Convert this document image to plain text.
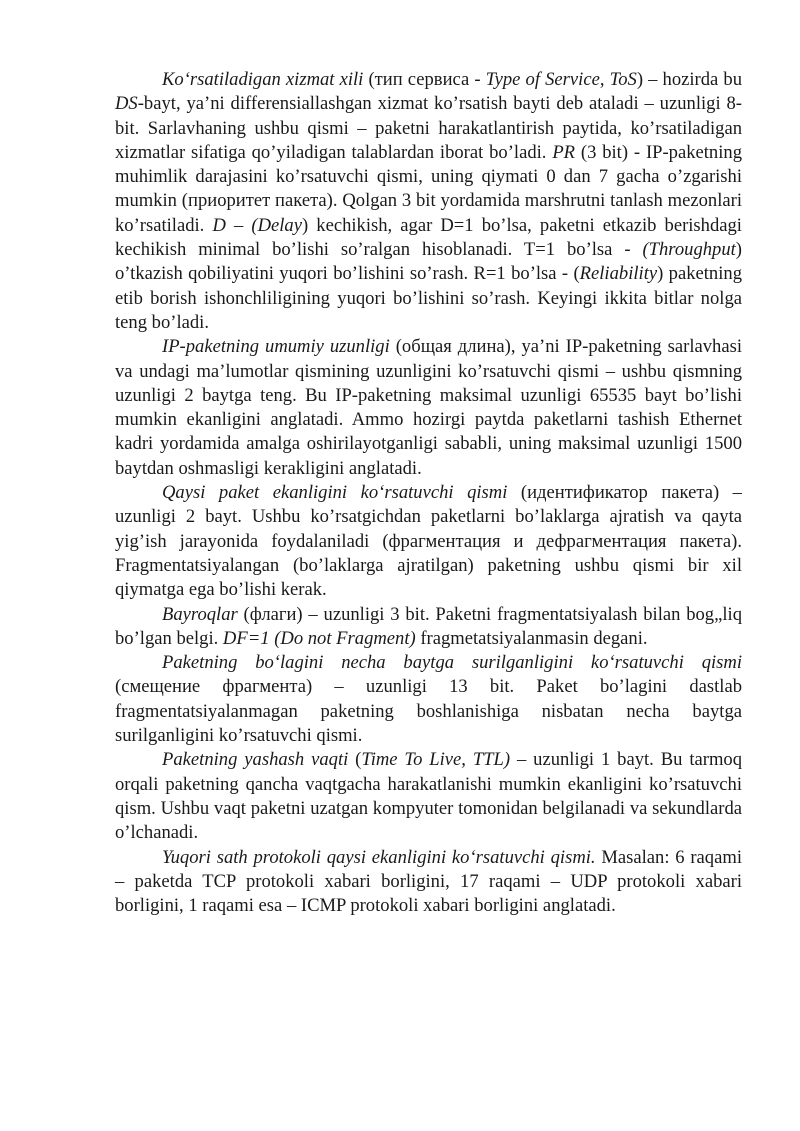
Ko‘rsatiladigan xizmat xili (тип сервиса - Type of Service, ToS) – hozirda bu DS-bayt, ya’ni differensiallashgan xizmat ko’rsatish bayti deb ataladi – uzunligi 8-bit. Sarlavhaning ushbu qismi – paketni harakatlantirish paytida, ko’rsatiladigan xizmatlar sifatiga qo’yiladigan talablardan iborat bo’ladi. PR (3 bit) - IP-paketning muhimlik darajasini ko’rsatuvchi qismi, uning qiymati 0 dan 7 gacha o’zgarishi mumkin (приоритет пакета). Qolgan 3 bit yordamida marshrutni tanlash mezonlari ko’rsatiladi. D – (Delay) kechikish, agar D=1 bo’lsa, paketni etkazib berishdagi kechikish minimal bo’lishi so’ralgan hisoblanadi. T=1 bo’lsa - (Throughput) o’tkazish qobiliyatini yuqori bo’lishini so’rash. R=1 bo’lsa - (Reliability) paketning etib borish ishonchliligining yuqori bo’lishini so’rash. Keyingi ikkita bitlar nolga teng bo’ladi.

IP-paketning umumiy uzunligi (общая длина), ya’ni IP-paketning sarlavhasi va undagi ma’lumotlar qismining uzunligini ko’rsatuvchi qismi – ushbu qismning uzunligi 2 baytga teng. Bu IP-paketning maksimal uzunligi 65535 bayt bo’lishi mumkin ekanligini anglatadi. Ammo hozirgi paytda paketlarni tashish Ethernet kadri yordamida amalga oshirilayotganligi sababli, uning maksimal uzunligi 1500 baytdan oshmasligi kerakligini anglatadi.

Qaysi paket ekanligini ko‘rsatuvchi qismi (идентификатор пакета) – uzunligi 2 bayt. Ushbu ko’rsatgichdan paketlarni bo’laklarga ajratish va qayta yig’ish jarayonida foydalaniladi (фрагментация и дефрагментация пакета). Fragmentatsiyalangan (bo’laklarga ajratilgan) paketning ushbu qismi bir xil qiymatga ega bo’lishi kerak.

Bayroqlar (флаги) – uzunligi 3 bit. Paketni fragmentatsiyalash bilan bog„liq bo’lgan belgi. DF=1 (Do not Fragment) fragmetatsiyalanmasin degani.

Paketning bo‘lagini necha baytga surilganligini ko‘rsatuvchi qismi (смещение фрагмента) – uzunligi 13 bit. Paket bo’lagini dastlab fragmentatsiyalanmagan paketning boshlanishiga nisbatan necha baytga surilganligini ko’rsatuvchi qismi.

Paketning yashash vaqti (Time To Live, TTL) – uzunligi 1 bayt. Bu tarmoq orqali paketning qancha vaqtgacha harakatlanishi mumkin ekanligini ko’rsatuvchi qism. Ushbu vaqt paketni uzatgan kompyuter tomonidan belgilanadi va sekundlarda o’lchanadi.

Yuqori sath protokoli qaysi ekanligini ko‘rsatuvchi qismi. Masalan: 6 raqami – paketda TCP protokoli xabari borligini, 17 raqami – UDP protokoli xabari borligini, 1 raqami esa – ICMP protokoli xabari borligini anglatadi.
